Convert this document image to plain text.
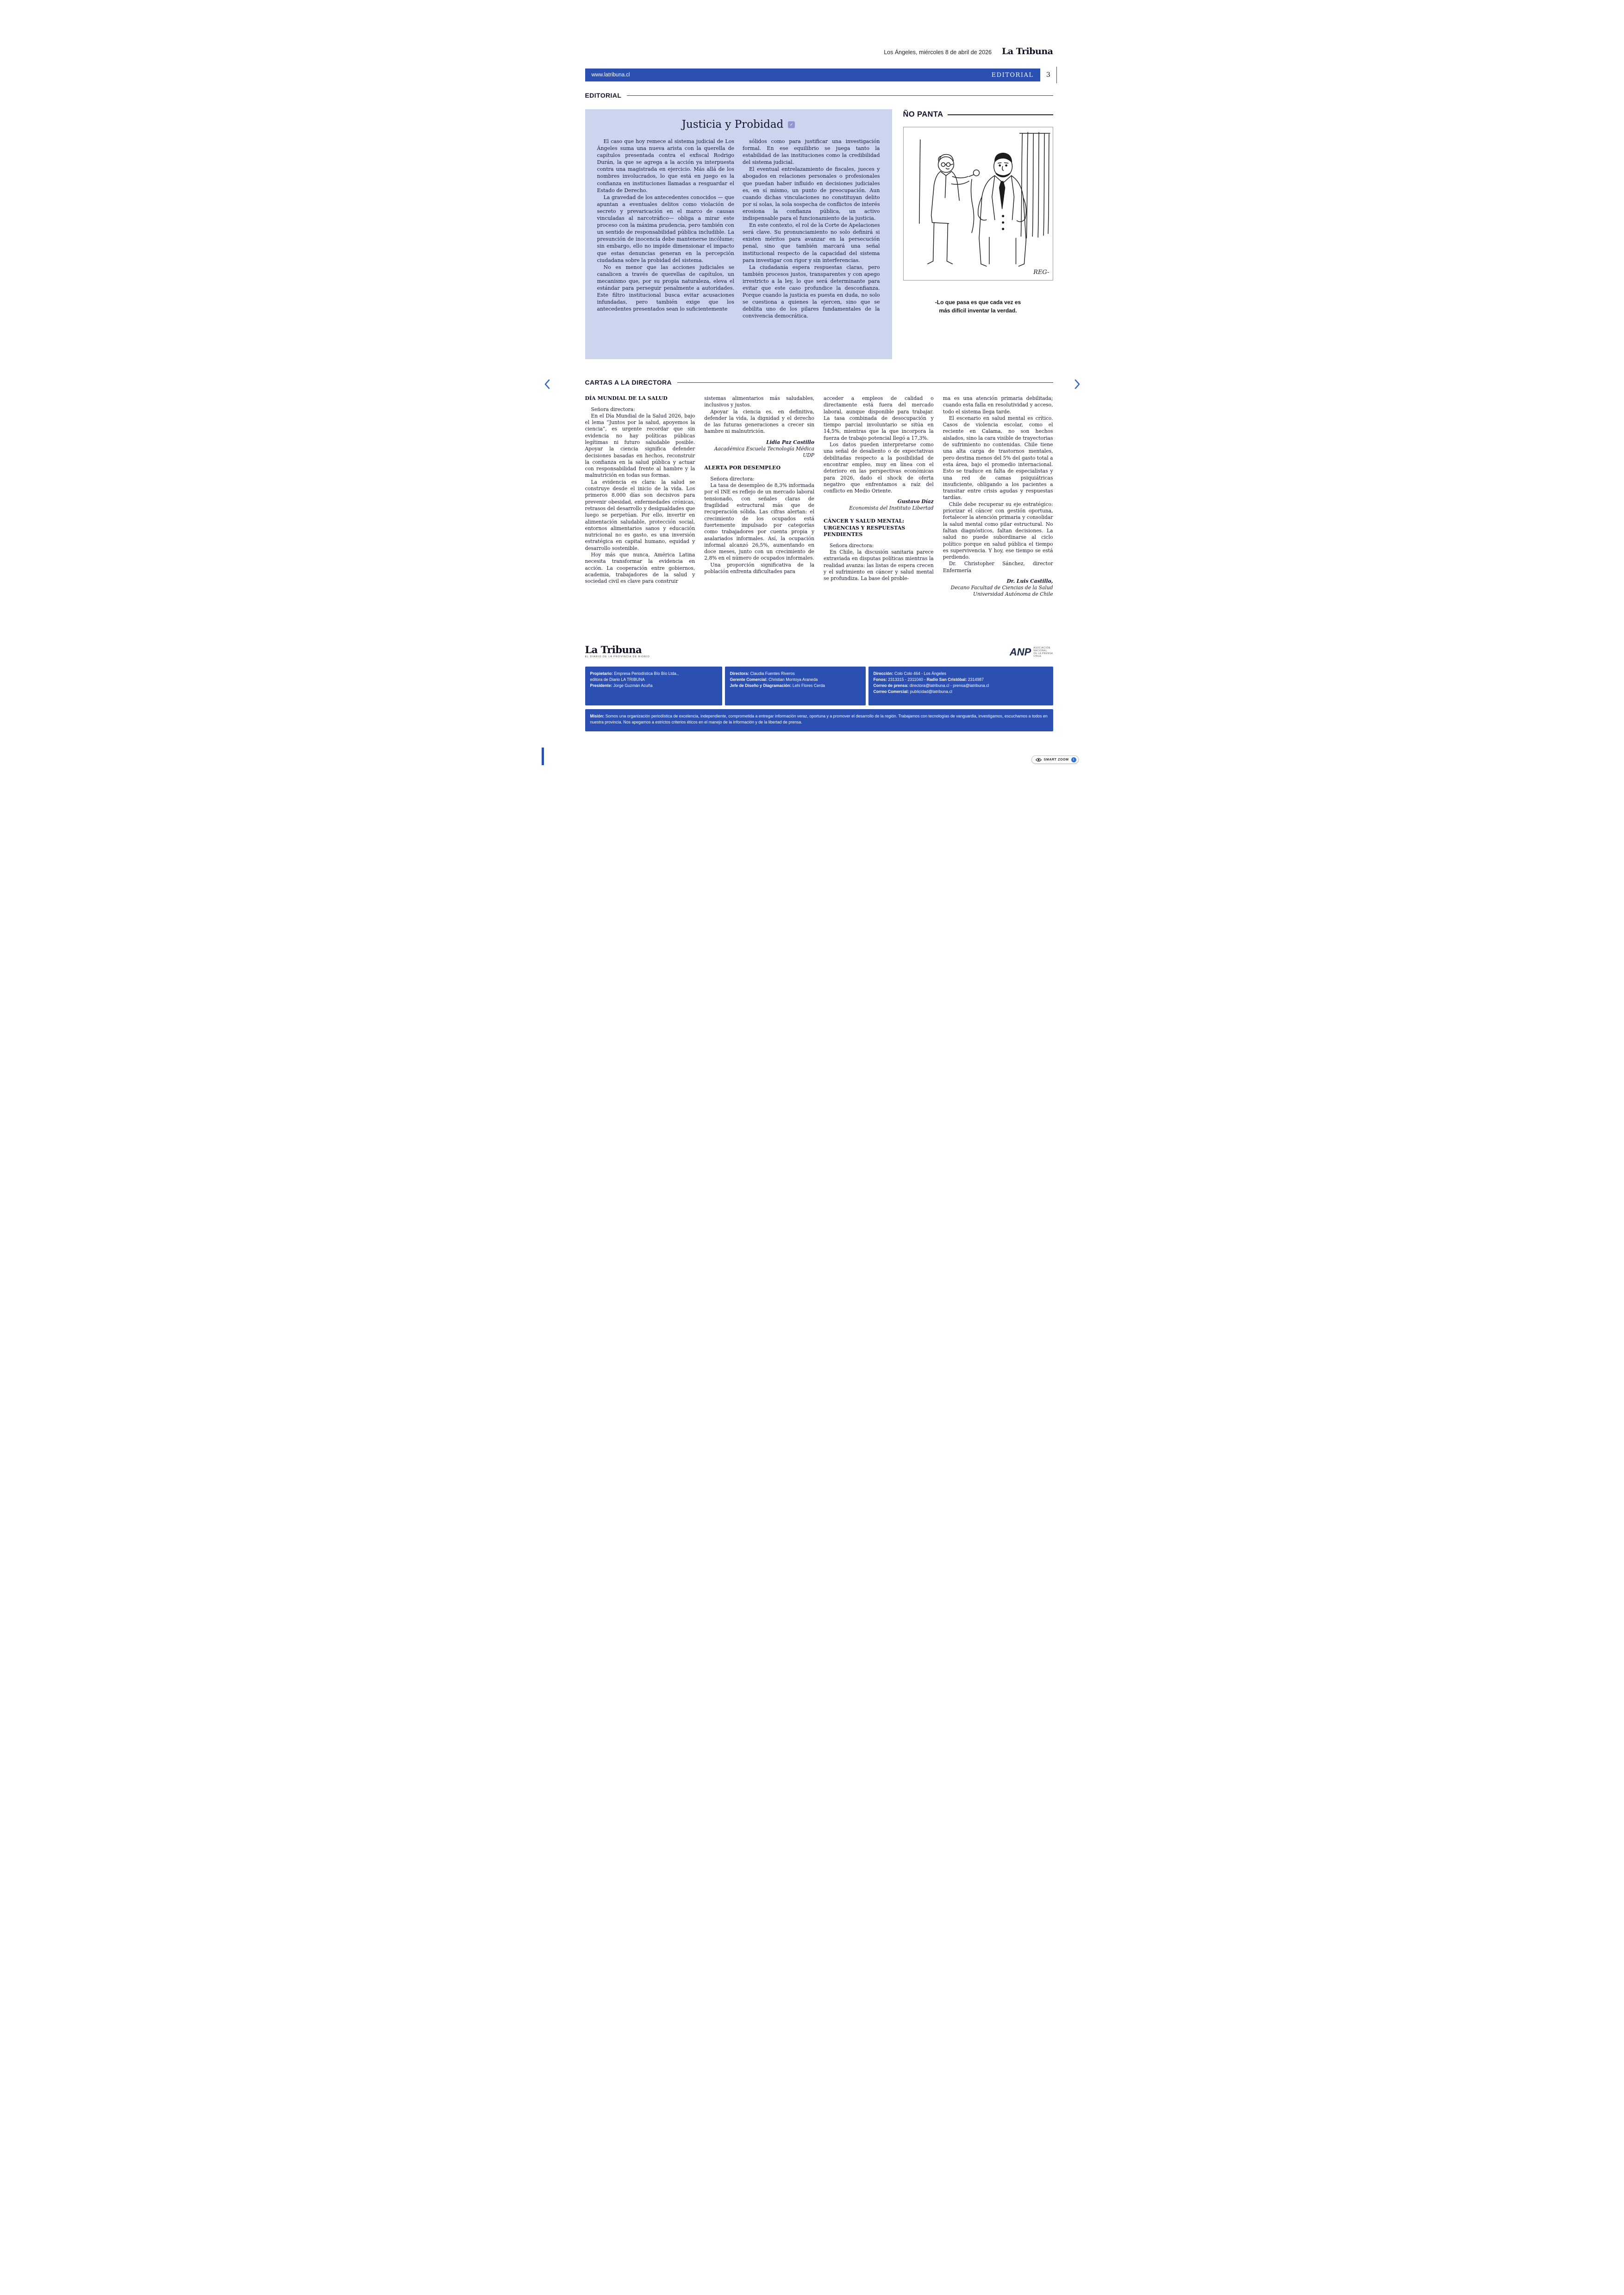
Los Ángeles, miércoles 8 de abril de 2026 La Tribuna
www.latribuna.cl	EDITORIAL	3
EDITORIAL
Justicia y Probidad	✓

El caso que hoy remece al sistema judicial de Los Ángeles suma una nueva arista con la querella de capítulos presentada contra el exfiscal Rodrigo Durán, la que se agrega a la acción ya interpuesta contra una magistrada en ejercicio. Más allá de los nombres involucrados, lo que está en juego es la confianza en instituciones llamadas a resguardar el Estado de Derecho.

La gravedad de los antecedentes conocidos — que apuntan a eventuales delitos como violación de secreto y prevaricación en el marco de causas vinculadas al narcotráfico— obliga a mirar este proceso con la máxima prudencia, pero también con un sentido de responsabilidad pública includible. La presunción de inocencia debe mantenerse incólume; sin embargo, ello no impide dimensionar el impacto que estas denuncias generan en la percepción ciudadana sobre la probidad del sistema.

No es menor que las acciones judiciales se canalicen a través de querellas de capítulos, un mecanismo que, por su propia naturaleza, eleva el estándar para perseguir penalmente a autoridades. Este filtro institucional busca evitar acusaciones infundadas, pero también exige que los antecedentes presentados sean lo suficientemente

sólidos como para justificar una investigación formal. En ese equilibrio se juega tanto la estabilidad de las instituciones como la credibilidad del sistema judicial.

El eventual entrelazamiento de fiscales, jueces y abogados en relaciones personales o profesionales que puedan haber influido en decisiones judiciales es, en sí mismo, un punto de preocupación. Aun cuando dichas vinculaciones no constituyan delito por sí solas, la sola sospecha de conflictos de interés erosiona la confianza pública, un activo indispensable para el funcionamiento de la justicia.

En este contexto, el rol de la Corte de Apelaciones será clave. Su pronunciamiento no solo definirá si existen méritos para avanzar en la persecución penal, sino que también marcará una señal institucional respecto de la capacidad del sistema para investigar con rigor y sin interferencias.

La ciudadanía espera respuestas claras, pero también procesos justos, transparentes y con apego irrestricto a la ley, lo que será determinante para evitar que este caso profundice la desconfianza. Porque cuando la justicia es puesta en duda, no solo se cuestiona a quienes la ejercen, sino que se debilita uno de los pilares fundamentales de la convivencia democrática.

ÑO PANTA
REG-
-Lo que pasa es que cada vez es
más difícil inventar la verdad.
CARTAS A LA DIRECTORA
DÍA MUNDIAL DE LA SALUD

Señora directora:

En el Día Mundial de la Salud 2026, bajo el lema “Juntos por la salud, apoyemos la ciencia”, es urgente recordar que sin evidencia no hay políticas públicas legítimas ni futuro saludable posible. Apoyar la ciencia significa defender decisiones basadas en hechos, reconstruir la confianza en la salud pública y actuar con responsabilidad frente al hambre y la malnutrición en todas sus formas.

La evidencia es clara: la salud se construye desde el inicio de la vida. Los primeros 8.000 días son decisivos para prevenir obesidad, enfermedades crónicas, retrasos del desarrollo y desigualdades que luego se perpetúan. Por ello, invertir en alimentación saludable, protección social, entornos alimentarios sanos y educación nutricional no es gasto, es una inversión estratégica en capital humano, equidad y desarrollo sostenible.

Hoy más que nunca, América Latina necesita transformar la evidencia en acción. La cooperación entre gobiernos, academia, trabajadores de la salud y sociedad civil es clave para construir

sistemas alimentarios más saludables, inclusivos y justos.

Apoyar la ciencia es, en definitiva, defender la vida, la dignidad y el derecho de las futuras generaciones a crecer sin hambre ni malnutrición.

Lidia Paz Castillo
Aacadémica Escuela Tecnología Médica
UDP
ALERTA POR DESEMPLEO

Señora directora:

La tasa de desempleo de 8,3% informada por el INE es reflejo de un mercado laboral tensionado, con señales claras de fragilidad estructural más que de recuperación sólida. Las cifras alertan: el crecimiento de los ocupados está fuertemente impulsado por categorías como trabajadores por cuenta propia y asalariados informales. Así, la ocupación informal alcanzó 26,5%, aumentando en doce meses, junto con un crecimiento de 2,8% en el número de ocupados informales.

Una proporción significativa de la población enfrenta dificultades para

acceder a empleos de calidad o directamente está fuera del mercado laboral, aunque disponible para trabajar. La tasa combinada de desocupación y tiempo parcial involuntario se sitúa en 14,5%, mientras que la que incorpora la fuerza de trabajo potencial llegó a 17,3%.

Los datos pueden interpretarse como una señal de desaliento o de expectativas debilitadas respecto a la posibilidad de encontrar empleo, muy en línea con el deterioro en las perspectivas económicas para 2026, dado el shock de oferta negativo que enfrentamos a raíz del conflicto en Medio Oriente.

Gustavo Díaz
Economista del Instituto Libertad
CÁNCER Y SALUD MENTAL: URGENCIAS Y RESPUESTAS PENDIENTES

Señora directora:

En Chile, la discusión sanitaria parece extraviada en disputas políticas mientras la realidad avanza: las listas de espera crecen y el sufrimiento en cáncer y salud mental se profundiza. La base del proble-

ma es una atención primaria debilitada; cuando esta falla en resolutividad y acceso, todo el sistema llega tarde.

El escenario en salud mental es crítico. Casos de violencia escolar, como el reciente en Calama, no son hechos aislados, sino la cara visible de trayectorias de sufrimiento no contenidas. Chile tiene una alta carga de trastornos mentales, pero destina menos del 5% del gasto total a esta área, bajo el promedio internacional. Esto se traduce en falta de especialistas y una red de camas psiquiátricas insuficiente, obligando a los pacientes a transitar entre crisis agudas y respuestas tardías.

Chile debe recuperar su eje estratégico: priorizar el cáncer con gestión oportuna, fortalecer la atención primaria y consolidar la salud mental como pilar estructural. No faltan diagnósticos, faltan decisiones. La salud no puede subordinarse al ciclo político porque en salud pública el tiempo es supervivencia. Y hoy, ese tiempo se está perdiendo.

Dr. Christopher Sánchez, director Enfermería

Dr. Luis Castillo,
Decano Facultad de Ciencias de la Salud
Universidad Autónoma de Chile
La Tribuna
EL DIARIO DE LA PROVINCIA DE BIOBÍO	ANP ASOCIACIÓN
NACIONAL
DE LA PRENSA
CHILE
Propietario: Empresa Periodística Bío Bío Ltda.,
editora de Diario LA TRIBUNA
Presidente: Jorge Guzmán Acuña
Directora: Claudia Fuentes Riveros
Gerente Comercial: Christian Montoya Araneda
Jefe de Diseño y Diagramación: Lehi Flores Cerda
Dirección: Colo Colo 464 - Los Ángeles
Fonos: 2313315 - 2311040 - Radio San Cristóbal: 2314987
Correo de prensa: directora@latribuna.cl - prensa@latribuna.cl
Correo Comercial: publicidad@latribuna.cl
Misión: Somos una organización periodística de excelencia, independiente, comprometida a entregar información veraz, oportuna y a promover el desarrollo de la región. Trabajamos con tecnologías de vanguardia, investigamos, escuchamos a todos en nuestra provincia. Nos apegamos a estrictos criterios éticos en el manejo de la información y de la libertad de prensa.
SMART ZOOM	i
